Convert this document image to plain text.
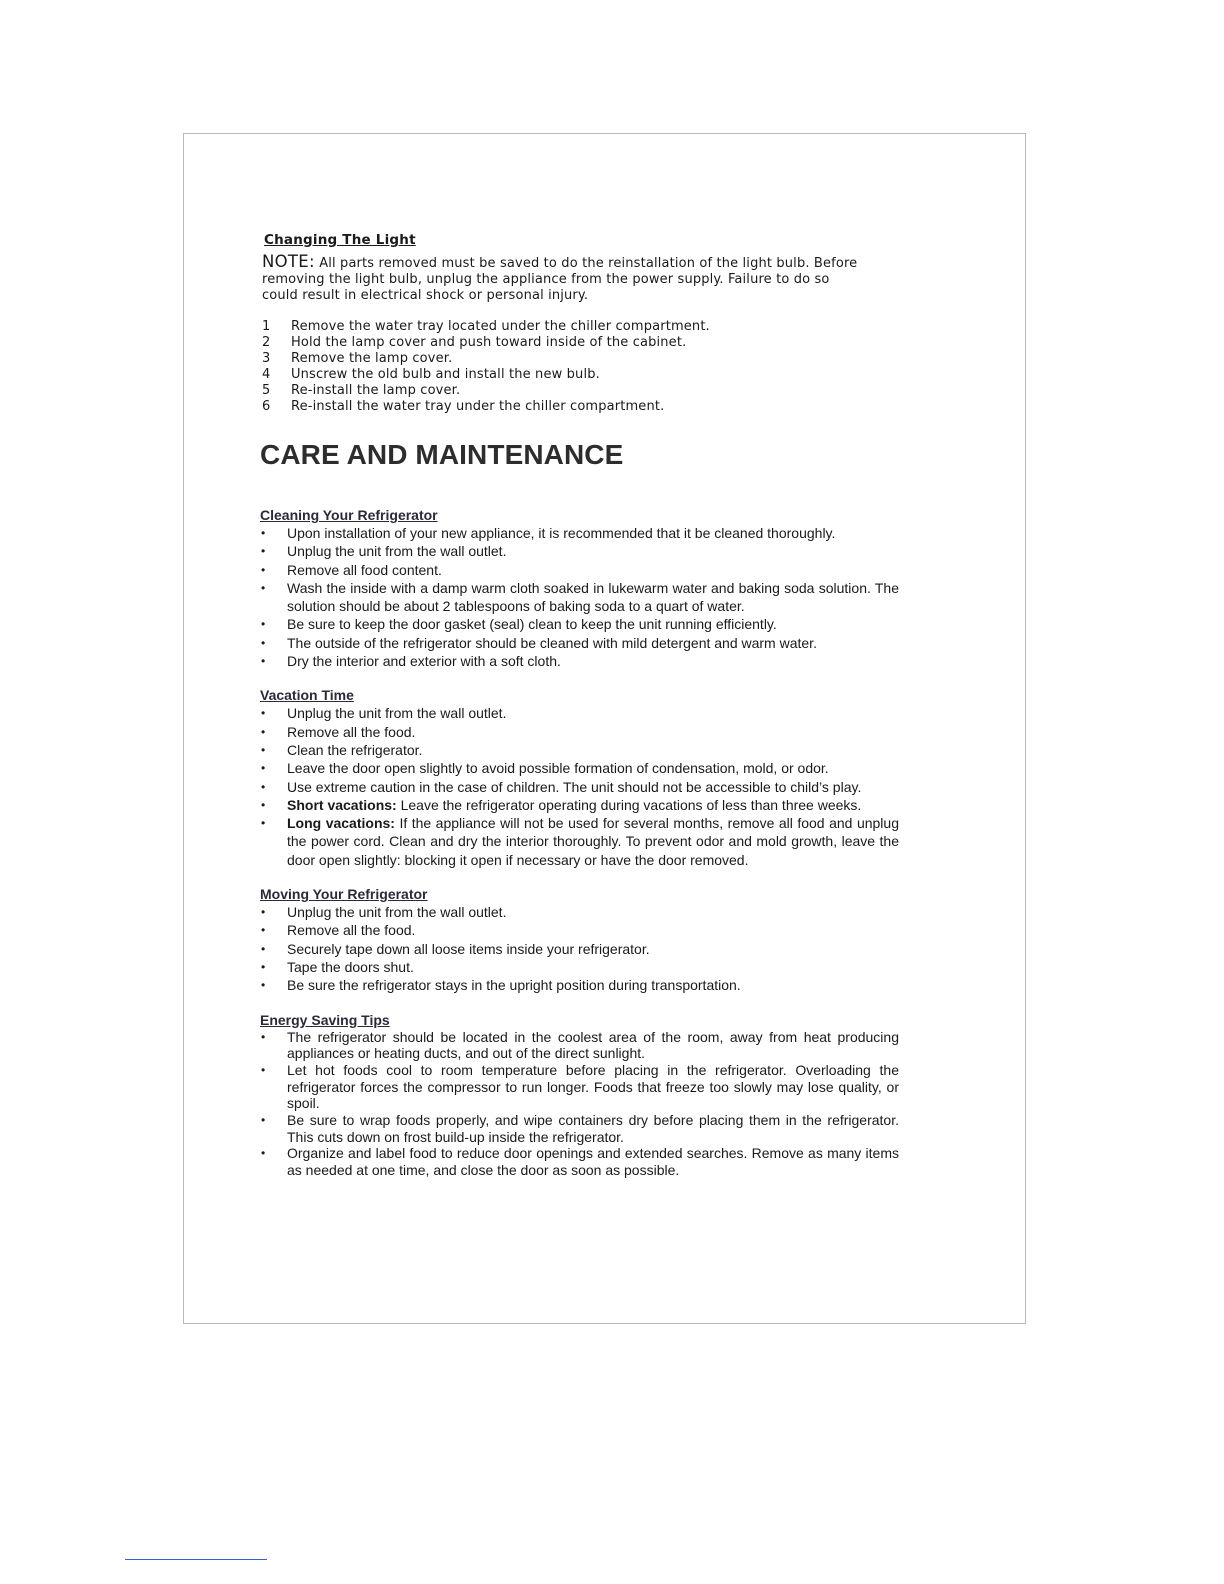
Changing The Light

NOTE: All parts removed must be saved to do the reinstallation of the light bulb. Before
removing the light bulb, unplug the appliance from the power supply. Failure to do so
could result in electrical shock or personal injury.

1	Remove the water tray located under the chiller compartment.
2	Hold the lamp cover and push toward inside of the cabinet.
3	Remove the lamp cover.
4	Unscrew the old bulb and install the new bulb.
5	Re-install the lamp cover.
6	Re-install the water tray under the chiller compartment.
CARE AND MAINTENANCE
Cleaning Your Refrigerator
•	Upon installation of your new appliance, it is recommended that it be cleaned thoroughly.
•	Unplug the unit from the wall outlet.
•	Remove all food content.
•	Wash the inside with a damp warm cloth soaked in lukewarm water and baking soda solution. The solution should be about 2 tablespoons of baking soda to a quart of water.
•	Be sure to keep the door gasket (seal) clean to keep the unit running efficiently.
•	The outside of the refrigerator should be cleaned with mild detergent and warm water.
•	Dry the interior and exterior with a soft cloth.
Vacation Time
•	Unplug the unit from the wall outlet.
•	Remove all the food.
•	Clean the refrigerator.
•	Leave the door open slightly to avoid possible formation of condensation, mold, or odor.
•	Use extreme caution in the case of children. The unit should not be accessible to child’s play.
•	Short vacations: Leave the refrigerator operating during vacations of less than three weeks.
•	Long vacations: If the appliance will not be used for several months, remove all food and unplug the power cord. Clean and dry the interior thoroughly. To prevent odor and mold growth, leave the door open slightly: blocking it open if necessary or have the door removed.
Moving Your Refrigerator
•	Unplug the unit from the wall outlet.
•	Remove all the food.
•	Securely tape down all loose items inside your refrigerator.
•	Tape the doors shut.
•	Be sure the refrigerator stays in the upright position during transportation.
Energy Saving Tips
•	The refrigerator should be located in the coolest area of the room, away from heat producing appliances or heating ducts, and out of the direct sunlight.
•	Let hot foods cool to room temperature before placing in the refrigerator. Overloading the refrigerator forces the compressor to run longer. Foods that freeze too slowly may lose quality, or spoil.
•	Be sure to wrap foods properly, and wipe containers dry before placing them in the refrigerator. This cuts down on frost build-up inside the refrigerator.
•	Organize and label food to reduce door openings and extended searches. Remove as many items as needed at one time, and close the door as soon as possible.
